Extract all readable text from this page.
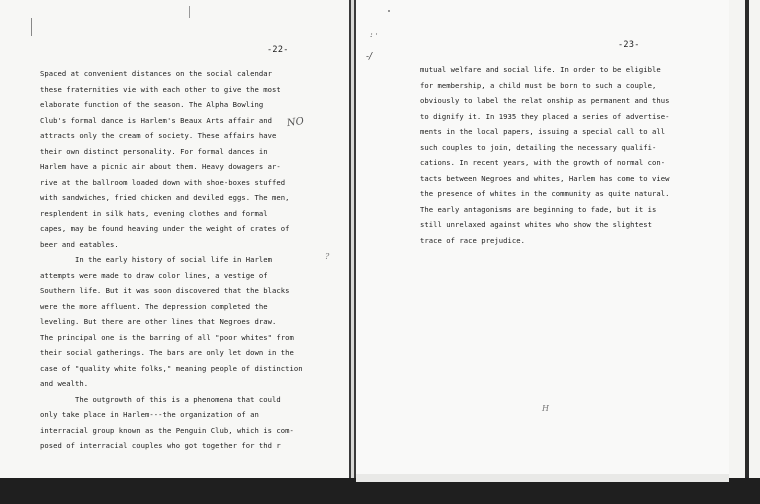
-22-
Spaced at convenient distances on the social calendar
these fraternities vie with each other to give the most
elaborate function of the season. The Alpha Bowling
Club's formal dance is Harlem's Beaux Arts affair and
attracts only the cream of society. These affairs have
their own distinct personality. For formal dances in
Harlem have a picnic air about them. Heavy dowagers ar-
rive at the ballroom loaded down with shoe-boxes stuffed
with sandwiches, fried chicken and deviled eggs. The men,
resplendent in silk hats, evening clothes and formal
capes, may be found heaving under the weight of crates of
beer and eatables.
In the early history of social life in Harlem
attempts were made to draw color lines, a vestige of
Southern life. But it was soon discovered that the blacks
were the more affluent. The depression completed the
leveling. But there are other lines that Negroes draw.
The principal one is the barring of all "poor whites" from
their social gatherings. The bars are only let down in the
case of "quality white folks," meaning people of distinction
and wealth.
The outgrowth of this is a phenomena that could
only take place in Harlem---the organization of an
interracial group known as the Penguin Club, which is com-
posed of interracial couples who got together for thd r
NO
?
-23-
: ·
-/
mutual welfare and social life. In order to be eligible
for membership, a child must be born to such a couple,
obviously to label the relat onship as permanent and thus
to dignify it. In 1935 they placed a series of advertise-
ments in the local papers, issuing a special call to all
such couples to join, detailing the necessary qualifi-
cations. In recent years, with the growth of normal con-
tacts between Negroes and whites, Harlem has come to view
the presence of whites in the community as quite natural.
The early antagonisms are beginning to fade, but it is
still unrelaxed against whites who show the slightest
trace of race prejudice.
H
